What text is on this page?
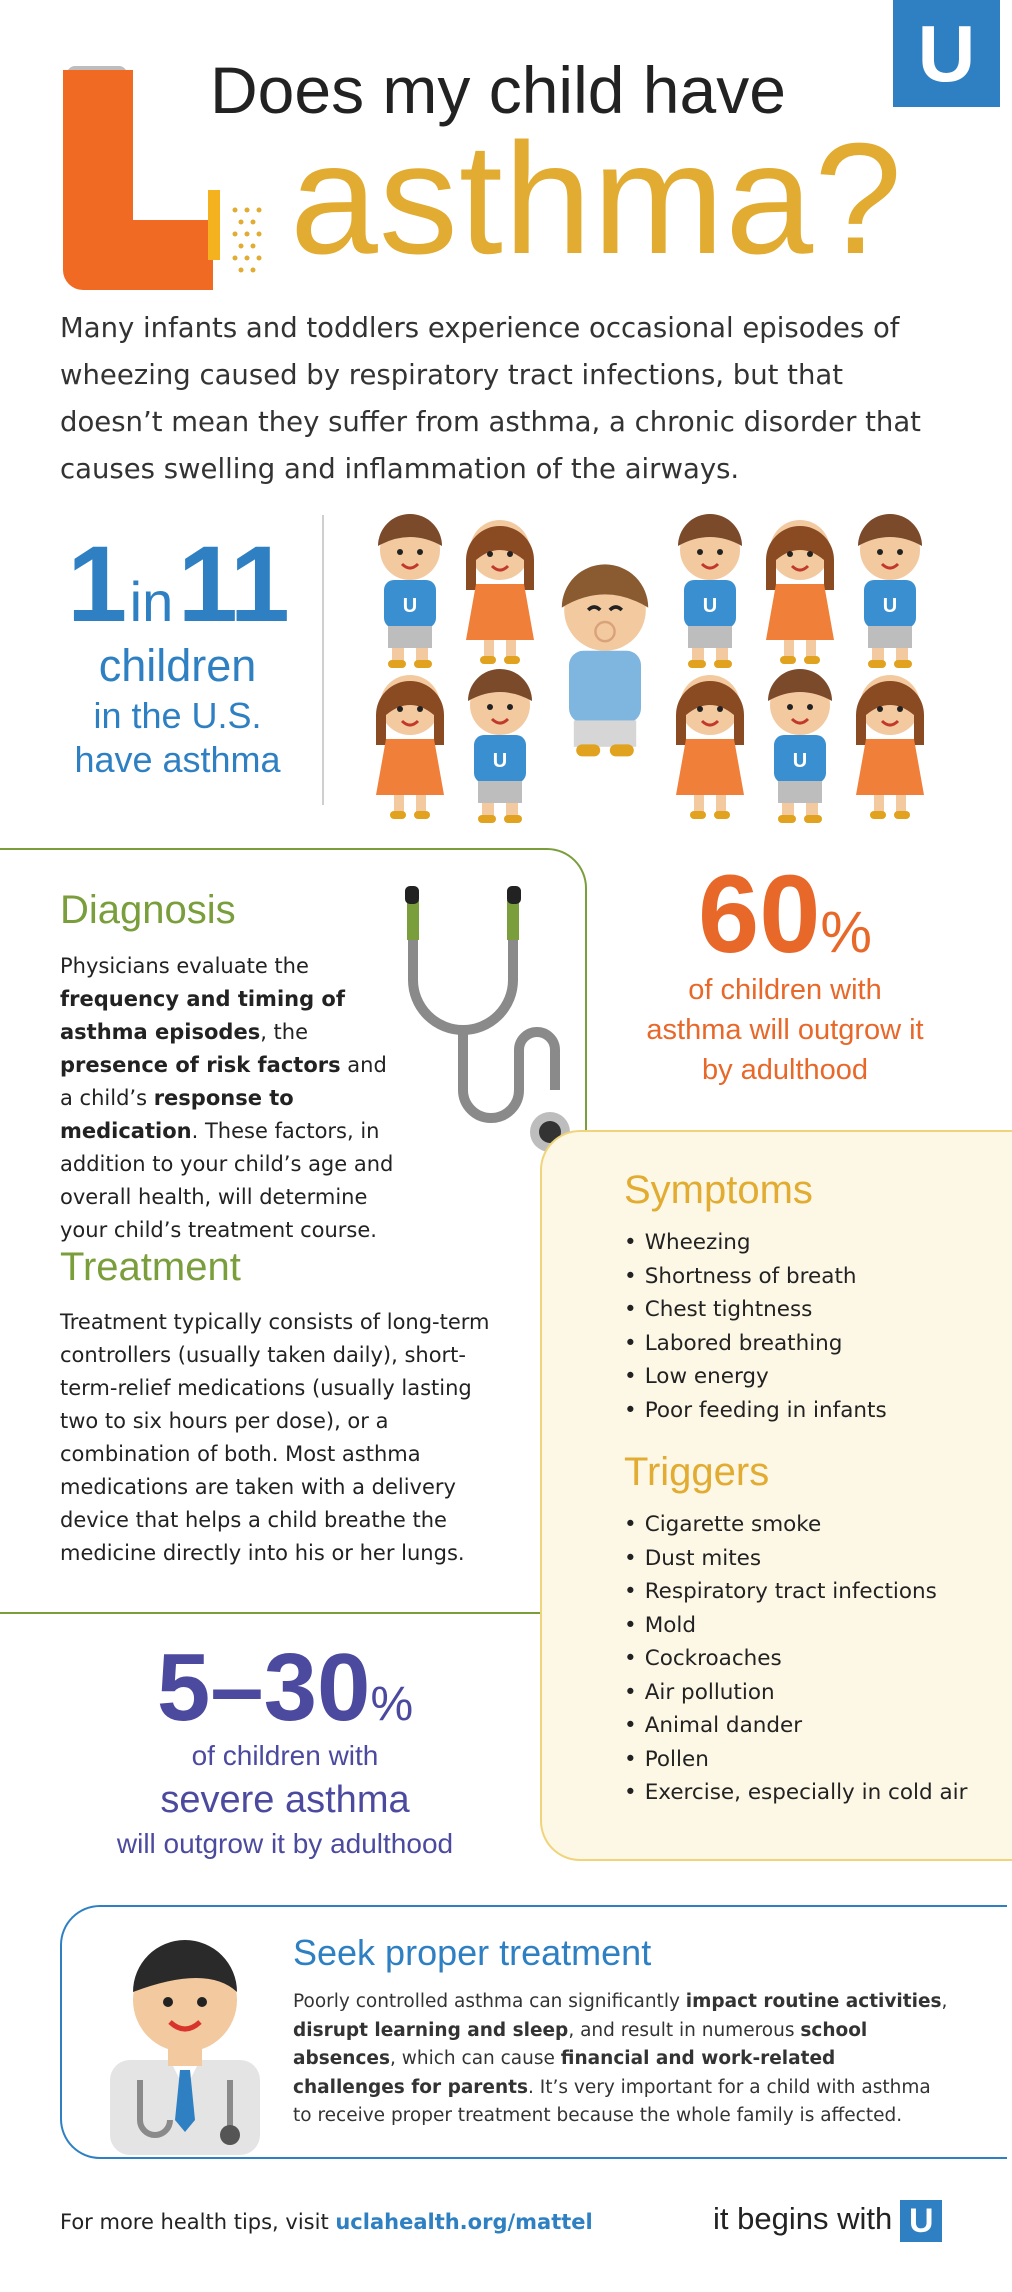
U
Does my child have
asthma?
Many infants and toddlers experience occasional episodes of wheezing caused by respiratory tract infections, but that doesn’t mean they suffer from asthma, a chronic disorder that causes swelling and inflammation of the airways.
1 in 11
children
in the U.S.
have asthma
U
Diagnosis
Physicians evaluate the frequency and timing of asthma episodes, the presence of risk factors and a child’s response to medication. These factors, in addition to your child’s age and overall health, will determine your child’s treatment course.
Treatment
Treatment typically consists of long-term controllers (usually taken daily), short-term-relief medications (usually lasting two to six hours per dose), or a combination of both. Most asthma medications are taken with a delivery device that helps a child breathe the medicine directly into his or her lungs.
60%
of children with
asthma will outgrow it
by adulthood
Symptoms
• Wheezing
• Shortness of breath
• Chest tightness
• Labored breathing
• Low energy
• Poor feeding in infants
Triggers
• Cigarette smoke
• Dust mites
• Respiratory tract infections
• Mold
• Cockroaches
• Air pollution
• Animal dander
• Pollen
• Exercise, especially in cold air
5–30%
of children with
severe asthma
will outgrow it by adulthood
Seek proper treatment
Poorly controlled asthma can significantly impact routine activities, disrupt learning and sleep, and result in numerous school absences, which can cause financial and work-related challenges for parents. It’s very important for a child with asthma to receive proper treatment because the whole family is affected.
For more health tips, visit uclahealth.org/mattel	it begins with U
